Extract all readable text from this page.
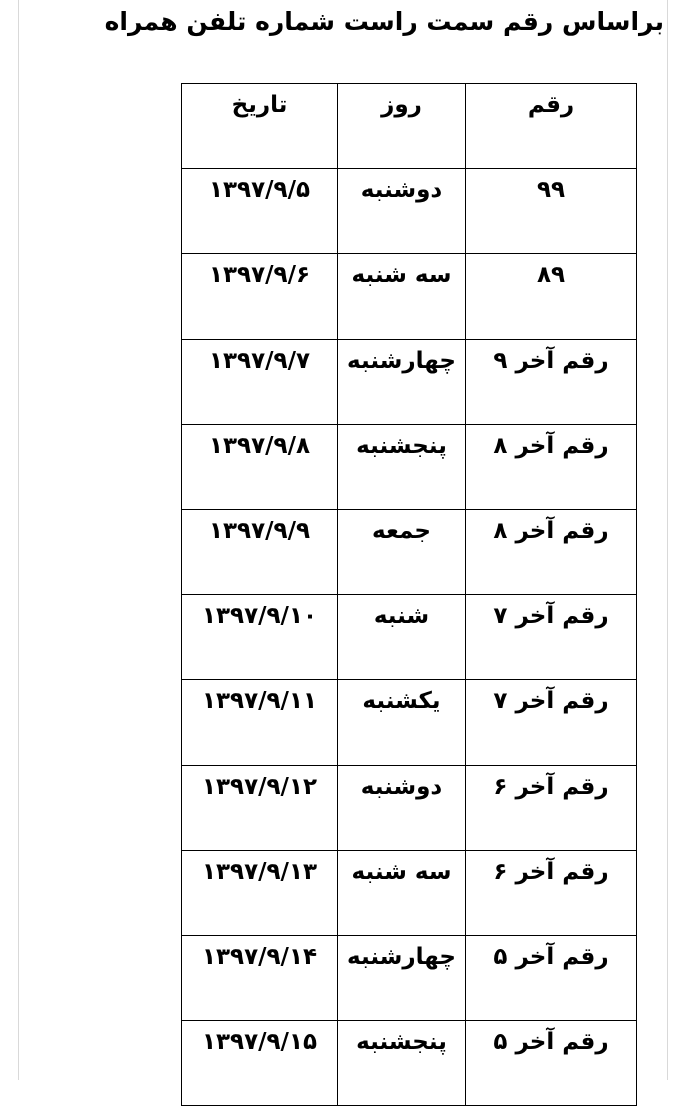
براساس رقم سمت راست شماره تلفن همراه
رقم
روز
تاریخ
۹۹
دوشنبه
۱۳۹۷/۹/۵
۸۹
سه شنبه
۱۳۹۷/۹/۶
رقم آخر ۹
چهارشنبه
۱۳۹۷/۹/۷
رقم آخر ۸
پنجشنبه
۱۳۹۷/۹/۸
رقم آخر ۸
جمعه
۱۳۹۷/۹/۹
رقم آخر ۷
شنبه
۱۳۹۷/۹/۱۰
رقم آخر ۷
یکشنبه
۱۳۹۷/۹/۱۱
رقم آخر ۶
دوشنبه
۱۳۹۷/۹/۱۲
رقم آخر ۶
سه شنبه
۱۳۹۷/۹/۱۳
رقم آخر ۵
چهارشنبه
۱۳۹۷/۹/۱۴
رقم آخر ۵
پنجشنبه
۱۳۹۷/۹/۱۵
